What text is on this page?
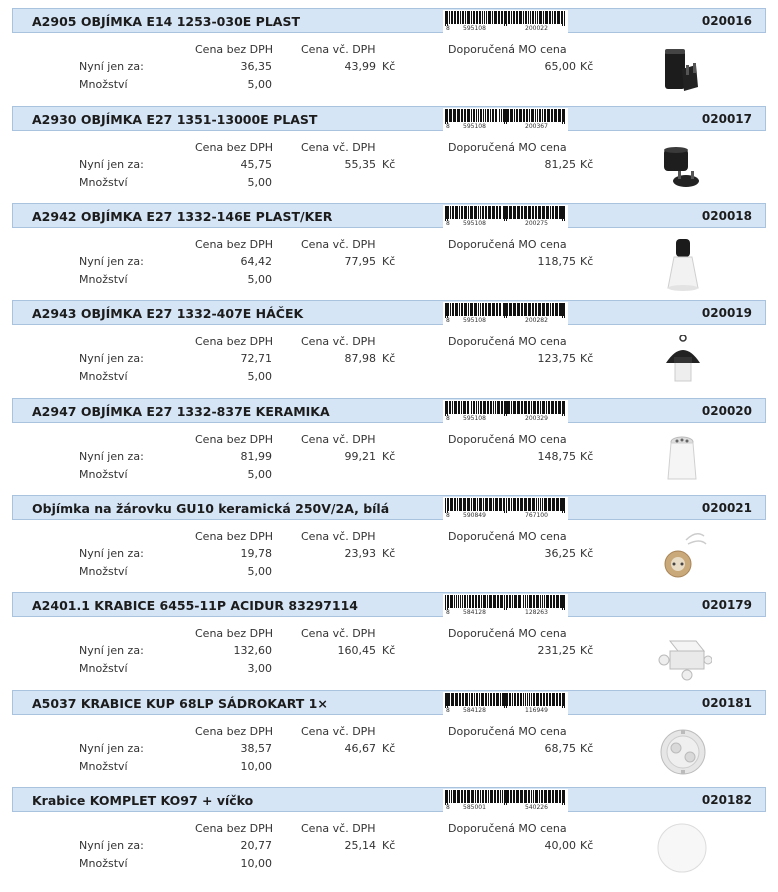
A2905 OBJÍMKA E14 1253-030E PLAST	8 595108	200022
020016
Cena bez DPH	Cena vč. DPH	Doporučená MO cena
Nyní jen za:	36,35	43,99 Kč	65,00 Kč
Množství	5,00
A2930 OBJÍMKA E27 1351-13000E PLAST	8 595108	200367
020017
Cena bez DPH	Cena vč. DPH	Doporučená MO cena
Nyní jen za:	45,75	55,35 Kč	81,25 Kč
Množství	5,00
A2942 OBJÍMKA E27 1332-146E PLAST/KER	8 595108	200275
020018
Cena bez DPH	Cena vč. DPH	Doporučená MO cena
Nyní jen za:	64,42	77,95 Kč	118,75 Kč
Množství	5,00
A2943 OBJÍMKA E27 1332-407E HÁČEK	8 595108	200282
020019
Cena bez DPH	Cena vč. DPH	Doporučená MO cena
Nyní jen za:	72,71	87,98 Kč	123,75 Kč
Množství	5,00
A2947 OBJÍMKA E27 1332-837E KERAMIKA	8 595108	200329
020020
Cena bez DPH	Cena vč. DPH	Doporučená MO cena
Nyní jen za:	81,99	99,21 Kč	148,75 Kč
Množství	5,00
Objímka na žárovku GU10 keramická 250V/2A, bílá	8 590849	767100
020021
Cena bez DPH	Cena vč. DPH	Doporučená MO cena
Nyní jen za:	19,78	23,93 Kč	36,25 Kč
Množství	5,00
A2401.1 KRABICE 6455-11P ACIDUR 83297114	8 584128	128263
020179
Cena bez DPH	Cena vč. DPH	Doporučená MO cena
Nyní jen za:	132,60	160,45 Kč	231,25 Kč
Množství	3,00
A5037 KRABICE KUP 68LP SÁDROKART 1×	8 584128	116949
020181
Cena bez DPH	Cena vč. DPH	Doporučená MO cena
Nyní jen za:	38,57	46,67 Kč	68,75 Kč
Množství	10,00
Krabice KOMPLET KO97 + víčko	8 585001	540226
020182
Cena bez DPH	Cena vč. DPH	Doporučená MO cena
Nyní jen za:	20,77	25,14 Kč	40,00 Kč
Množství	10,00
